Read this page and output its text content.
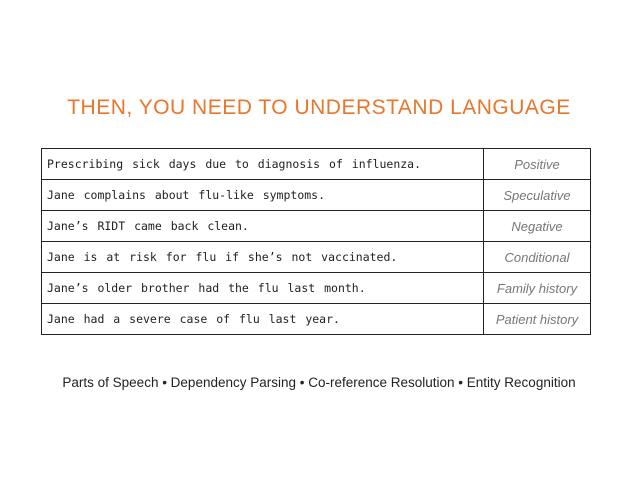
THEN, YOU NEED TO UNDERSTAND LANGUAGE
Prescribing sick days due to diagnosis of influenza.	Positive
Jane complains about flu-like symptoms.	Speculative
Jane’s RIDT came back clean.	Negative
Jane is at risk for flu if she’s not vaccinated.	Conditional
Jane’s older brother had the flu last month.	Family history
Jane had a severe case of flu last year.	Patient history
Parts of Speech • Dependency Parsing • Co-reference Resolution • Entity Recognition
